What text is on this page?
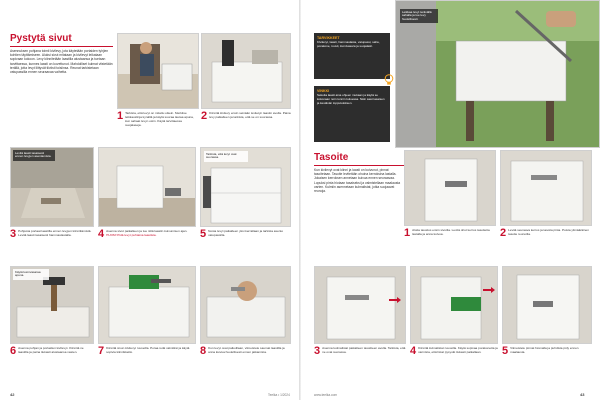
Pystytä sivut
Asennuksen pohjana toimii kivilevy, jota käytetään portaiden tyhjien kohtien täyttämiseen. Aluksi sivut mitataan ja kivilevyt leikataan sopivaan kokoon. Levy kiinnitetään laastilla alustaansa ja tuetaan tarvittaessa, kunnes laasti on kovettunut. Mahdolliset kulmat viistetään terällä, jotta levyt liittyvät tiiviisti toisiinsa. Reunat tarkistetaan vatupassilla ennen seuraavaa vaihetta.
1 Tarkista, että levyt on mitattu oikein. Merkitse leikkauslinja kynällä ja käytä suoraa lautaa apuna, kun sahaat levyn osiin. Käytä tarvittaessa suojalaseja.
2 Kiinnitä kivilevy ensin seinään levitetyn laastin avulla. Paina levy paikalleen ja tarkista, että se on suorassa.
Levitä laasti tasaisesti ennen levyjen asentamista.
Tarkista, että levyt ovat suorassa.
3 Pohjusta portaat laastilla ennen levyjen kiinnittämistä. Levitä laasti tasaisesti hammaslastalla.	4 Asenna sivut paikalleen ja tue niitä laastin kuivumisen ajan.
HUOM! Pidä levyt puhtaina laastista.	5 Nosta levyt paikalleen yksi kerrallaan ja tarkista asento vatupassilla.
Käytä kumivasaraa apuna.
6 Asenna pohjan ja portaiden kivilevyt. Kiinnitä ne laastilla ja paina tiukasti alustaansa vasten.	7 Kiinnitä sivun kivilevyt ruuveilla. Poraa reiät valmiiksi ja käytä sopivia kiinnikkeitä.	8 Kun levyt ovat paikoillaan, viimeistele saumat laastilla ja anna kuivua huolellisesti ennen jatkamista.
42	Teelka • 1/2024
TARVIKKEET
Kivilevyt, laasti, hammaslasta, vatupassi, saha, porakone, ruuvit, kumivasara ja suojalasit.
VINKKI
Sekoita laasti aina ohjeen mukaan ja käytä se kokonaan noin tunnin kuluessa. Näin saat tasaisen ja kestävän lopputuloksen.
Leikkaa levyt terävällä sahalla ja tue levy huolellisesti.
Tasoite
Kun kivilevyt ovat kiinni ja laasti on kuivunut, pinnat tasoitetaan. Tasoite levitetään ohuina kerroksina lastalla. Jokaisen kerroksen annetaan kuivua ennen seuraavaa. Lopuksi pinta hiotaan tasaiseksi ja valmistellaan maalausta varten. Kulmiin asennetaan kulmalistat, jotka suojaavat reunoja.
1 Aloita tasoitus ensin sivuilta. Levitä ohut kerros tasoitetta lastalla ja anna kuivua.	2 Levitä seuraava kerros ja tasoita pinta. Poista ylimääräinen tasoite reunoilta.
3 Asenna kulmalistat paikalleen tasoitteen avulla. Tarkista, että ne ovat suorassa.	4 Kiinnitä kulmalistat ruuveilla. Käytä sopivaa porakonetta ja varmista, että listat pysyvät tiukasti paikallaan.	5 Viimeistele pinnat hiomalla ja puhdista pöly ennen maalausta.
www.teelka.com	43
